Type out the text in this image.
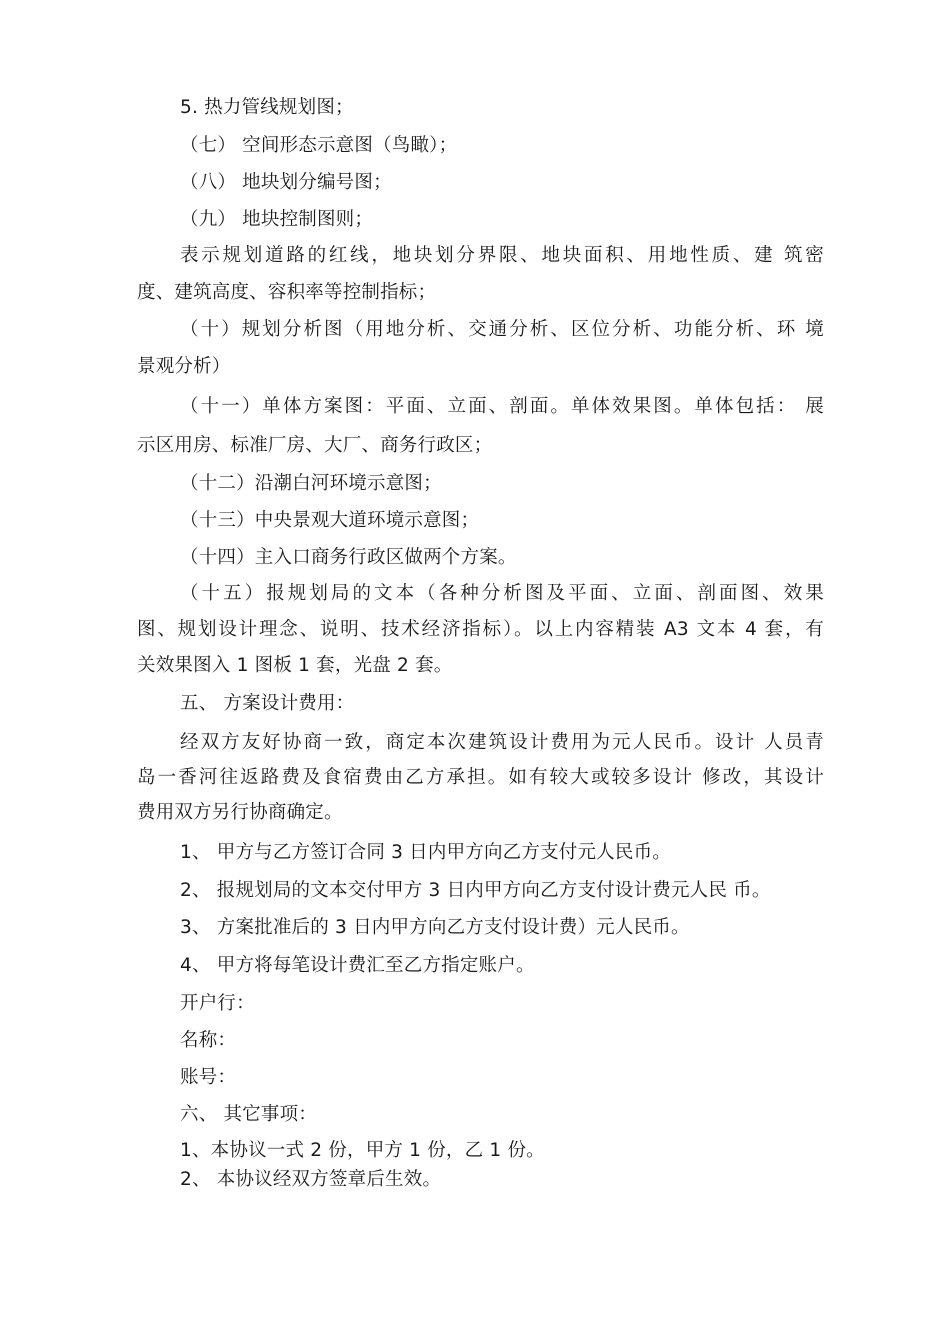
5. 热力管线规划图；
（七） 空间形态示意图（鸟瞰）；
（八） 地块划分编号图；
（九） 地块控制图则；
表示规划道路的红线，地块划分界限、地块面积、用地性质、建 筑密
度、建筑高度、容积率等控制指标；
（十）规划分析图（用地分析、交通分析、区位分析、功能分析、环 境
景观分析）
（十一）单体方案图：平面、立面、剖面。单体效果图。单体包括： 展
示区用房、标准厂房、大厂、商务行政区；
（十二）沿潮白河环境示意图；
（十三）中央景观大道环境示意图；
（十四）主入口商务行政区做两个方案。
（十五）报规划局的文本（各种分析图及平面、立面、剖面图、效果
图、规划设计理念、说明、技术经济指标）。以上内容精装 A3 文本 4 套，有
关效果图入 1 图板 1 套，光盘 2 套。
五、 方案设计费用：
经双方友好协商一致，商定本次建筑设计费用为元人民币。设计 人员青
岛一香河往返路费及食宿费由乙方承担。如有较大或较多设计 修改，其设计
费用双方另行协商确定。
1、 甲方与乙方签订合同 3 日内甲方向乙方支付元人民币。
2、 报规划局的文本交付甲方 3 日内甲方向乙方支付设计费元人民 币。
3、 方案批准后的 3 日内甲方向乙方支付设计费）元人民币。
4、 甲方将每笔设计费汇至乙方指定账户。
开户行：
名称：
账号：
六、 其它事项：
1、本协议一式 2 份，甲方 1 份，乙 1 份。
2、 本协议经双方签章后生效。
